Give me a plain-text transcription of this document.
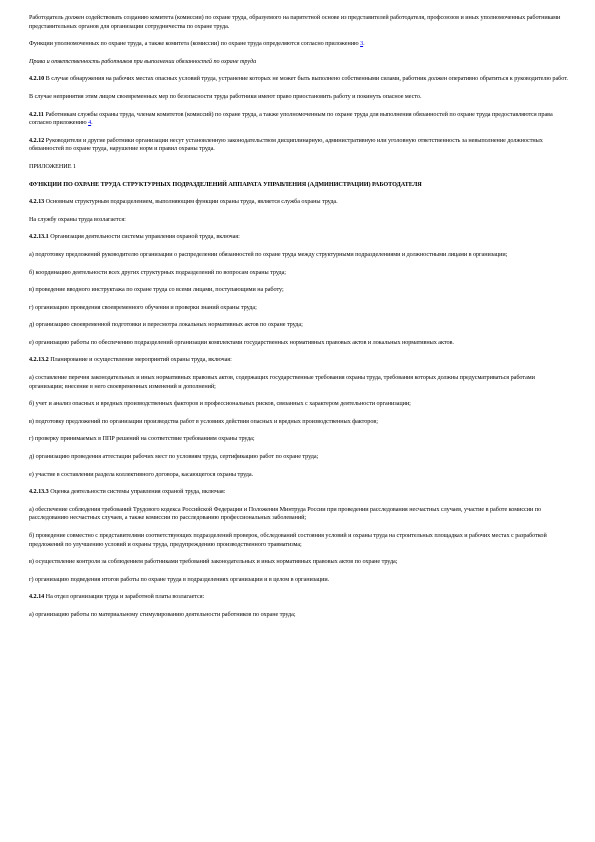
Работодатель должен содействовать созданию комитета (комиссии) по охране труда, образуемого на паритетной основе из представителей работодателя, профсоюзов и иных уполномоченных работниками представительных органов для организации сотрудничества по охране труда.

Функции уполномоченных по охране труда, а также комитета (комиссии) по охране труда определяются согласно приложению 3.

Права и ответственность работников при выполнении обязанностей по охране труда

4.2.10 В случае обнаружения на рабочих местах опасных условий труда, устранение которых не может быть выполнено собственными силами, работник должен оперативно обратиться к руководителю работ.

В случае непринятия этим лицом своевременных мер по безопасности труда работники имеют право приостановить работу и покинуть опасное место.

4.2.11 Работникам службы охраны труда, членам комитетов (комиссий) по охране труда, а также уполномоченным по охране труда для выполнения обязанностей по охране труда предоставляются права согласно приложению 4.

4.2.12 Руководители и другие работники организации несут установленную законодательством дисциплинарную, административную или уголовную ответственность за невыполнение должностных обязанностей по охране труда, нарушение норм и правил охраны труда.

ПРИЛОЖЕНИЕ 1

ФУНКЦИИ ПО ОХРАНЕ ТРУДА СТРУКТУРНЫХ ПОДРАЗДЕЛЕНИЙ АППАРАТА УПРАВЛЕНИЯ (АДМИНИСТРАЦИИ) РАБОТОДАТЕЛЯ

4.2.13 Основным структурным подразделением, выполняющим функции охраны труда, является служба охраны труда.

На службу охраны труда возлагается:

4.2.13.1 Организация деятельности системы управления охраной труда, включая:

а) подготовку предложений руководителю организации о распределении обязанностей по охране труда между структурными подразделениями и должностными лицами в организации;

б) координацию деятельности всех других структурных подразделений по вопросам охраны труда;

в) проведение вводного инструктажа по охране труда со всеми лицами, поступающими на работу;

г) организацию проведения своевременного обучения и проверки знаний охраны труда;

д) организацию своевременной подготовки и пересмотра локальных нормативных актов по охране труда;

е) организацию работы по обеспечению подразделений организации комплектами государственных нормативных правовых актов и локальных нормативных актов.

4.2.13.2 Планирование и осуществление мероприятий охраны труда, включая:

а) составление перечня законодательных и иных нормативных правовых актов, содержащих государственные требования охраны труда, требования которых должны предусматриваться работами организации; внесение в него своевременных изменений и дополнений;

б) учет и анализ опасных и вредных производственных факторов и профессиональных рисков, связанных с характером деятельности организации;

в) подготовку предложений по организации производства работ в условиях действия опасных и вредных производственных факторов;

г) проверку принимаемых в ППР решений на соответствие требованиям охраны труда;

д) организацию проведения аттестации рабочих мест по условиям труда, сертификацию работ по охране труда;

е) участие в составлении раздела коллективного договора, касающегося охраны труда.

4.2.13.3 Оценка деятельности системы управления охраной труда, включая:

а) обеспечение соблюдения требований Трудового кодекса Российской Федерации и Положения Минтруда России при проведении расследования несчастных случаев, участие в работе комиссии по расследованию несчастных случаев, а также комиссии по расследованию профессиональных заболеваний;

б) проведение совместно с представителями соответствующих подразделений проверок, обследований состояния условий и охраны труда на строительных площадках и рабочих местах с разработкой предложений по улучшению условий и охраны труда, предупреждению производственного травматизма;

в) осуществление контроля за соблюдением работниками требований законодательных и иных нормативных правовых актов по охране труда;

г) организацию подведения итогов работы по охране труда в подразделениях организации и в целом в организации.

4.2.14 На отдел организации труда и заработной платы возлагается:

а) организацию работы по материальному стимулированию деятельности работников по охране труда;
